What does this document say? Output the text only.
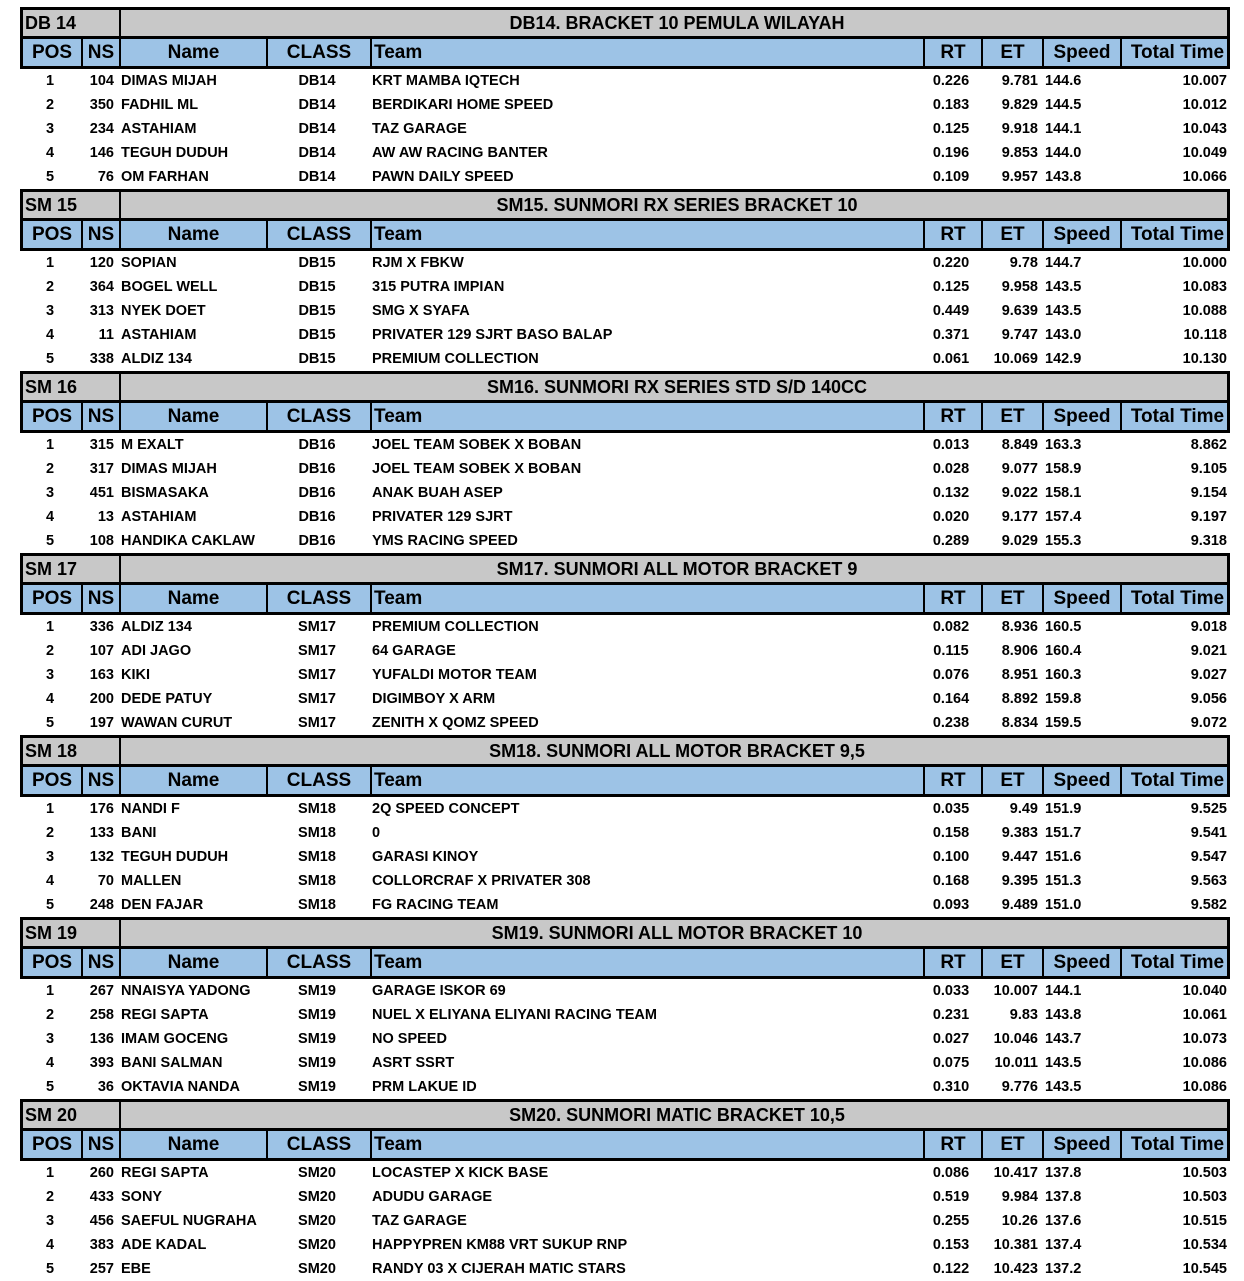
DB 14	DB14. BRACKET 10 PEMULA WILAYAH
POS NS	Name	CLASS	Team	RT	ET	Speed	Total Time
1	104 DIMAS MIJAH	DB14	KRT MAMBA IQTECH	0.226	9.781 144.6	10.007
2	350 FADHIL ML	DB14	BERDIKARI HOME SPEED	0.183	9.829 144.5	10.012
3	234 ASTAHIAM	DB14	TAZ GARAGE	0.125	9.918 144.1	10.043
4	146 TEGUH DUDUH	DB14	AW AW RACING BANTER	0.196	9.853 144.0	10.049
5	76 OM FARHAN	DB14	PAWN DAILY SPEED	0.109	9.957 143.8	10.066
SM 15	SM15. SUNMORI RX SERIES BRACKET 10
POS NS	Name	CLASS	Team	RT	ET	Speed	Total Time
1	120 SOPIAN	DB15	RJM X FBKW	0.220	9.78 144.7	10.000
2	364 BOGEL WELL	DB15	315 PUTRA IMPIAN	0.125	9.958 143.5	10.083
3	313 NYEK DOET	DB15	SMG X SYAFA	0.449	9.639 143.5	10.088
4	11 ASTAHIAM	DB15	PRIVATER 129 SJRT BASO BALAP	0.371	9.747 143.0	10.118
5	338 ALDIZ 134	DB15	PREMIUM COLLECTION	0.061	10.069 142.9	10.130
SM 16	SM16. SUNMORI RX SERIES STD S/D 140CC
POS NS	Name	CLASS	Team	RT	ET	Speed	Total Time
1	315 M EXALT	DB16	JOEL TEAM SOBEK X BOBAN	0.013	8.849 163.3	8.862
2	317 DIMAS MIJAH	DB16	JOEL TEAM SOBEK X BOBAN	0.028	9.077 158.9	9.105
3	451 BISMASAKA	DB16	ANAK BUAH ASEP	0.132	9.022 158.1	9.154
4	13 ASTAHIAM	DB16	PRIVATER 129 SJRT	0.020	9.177 157.4	9.197
5	108 HANDIKA CAKLAW	DB16	YMS RACING SPEED	0.289	9.029 155.3	9.318
SM 17	SM17. SUNMORI ALL MOTOR BRACKET 9
POS NS	Name	CLASS	Team	RT	ET	Speed	Total Time
1	336 ALDIZ 134	SM17	PREMIUM COLLECTION	0.082	8.936 160.5	9.018
2	107 ADI JAGO	SM17	64 GARAGE	0.115	8.906 160.4	9.021
3	163 KIKI	SM17	YUFALDI MOTOR TEAM	0.076	8.951 160.3	9.027
4	200 DEDE PATUY	SM17	DIGIMBOY X ARM	0.164	8.892 159.8	9.056
5	197 WAWAN CURUT	SM17	ZENITH X QOMZ SPEED	0.238	8.834 159.5	9.072
SM 18	SM18. SUNMORI ALL MOTOR BRACKET 9,5
POS NS	Name	CLASS	Team	RT	ET	Speed	Total Time
1	176 NANDI F	SM18	2Q SPEED CONCEPT	0.035	9.49 151.9	9.525
2	133 BANI	SM18	0	0.158	9.383 151.7	9.541
3	132 TEGUH DUDUH	SM18	GARASI KINOY	0.100	9.447 151.6	9.547
4	70 MALLEN	SM18	COLLORCRAF X PRIVATER 308	0.168	9.395 151.3	9.563
5	248 DEN FAJAR	SM18	FG RACING TEAM	0.093	9.489 151.0	9.582
SM 19	SM19. SUNMORI ALL MOTOR BRACKET 10
POS NS	Name	CLASS	Team	RT	ET	Speed	Total Time
1	267 NNAISYA YADONG	SM19	GARAGE ISKOR 69	0.033	10.007 144.1	10.040
2	258 REGI SAPTA	SM19	NUEL X ELIYANA ELIYANI RACING TEAM	0.231	9.83 143.8	10.061
3	136 IMAM GOCENG	SM19	NO SPEED	0.027	10.046 143.7	10.073
4	393 BANI SALMAN	SM19	ASRT SSRT	0.075	10.011 143.5	10.086
5	36 OKTAVIA NANDA	SM19	PRM LAKUE ID	0.310	9.776 143.5	10.086
SM 20	SM20. SUNMORI MATIC BRACKET 10,5
POS NS	Name	CLASS	Team	RT	ET	Speed	Total Time
1	260 REGI SAPTA	SM20	LOCASTEP X KICK BASE	0.086	10.417 137.8	10.503
2	433 SONY	SM20	ADUDU GARAGE	0.519	9.984 137.8	10.503
3	456 SAEFUL NUGRAHA	SM20	TAZ GARAGE	0.255	10.26 137.6	10.515
4	383 ADE KADAL	SM20	HAPPYPREN KM88 VRT SUKUP RNP	0.153	10.381 137.4	10.534
5	257 EBE	SM20	RANDY 03 X CIJERAH MATIC STARS	0.122	10.423 137.2	10.545
